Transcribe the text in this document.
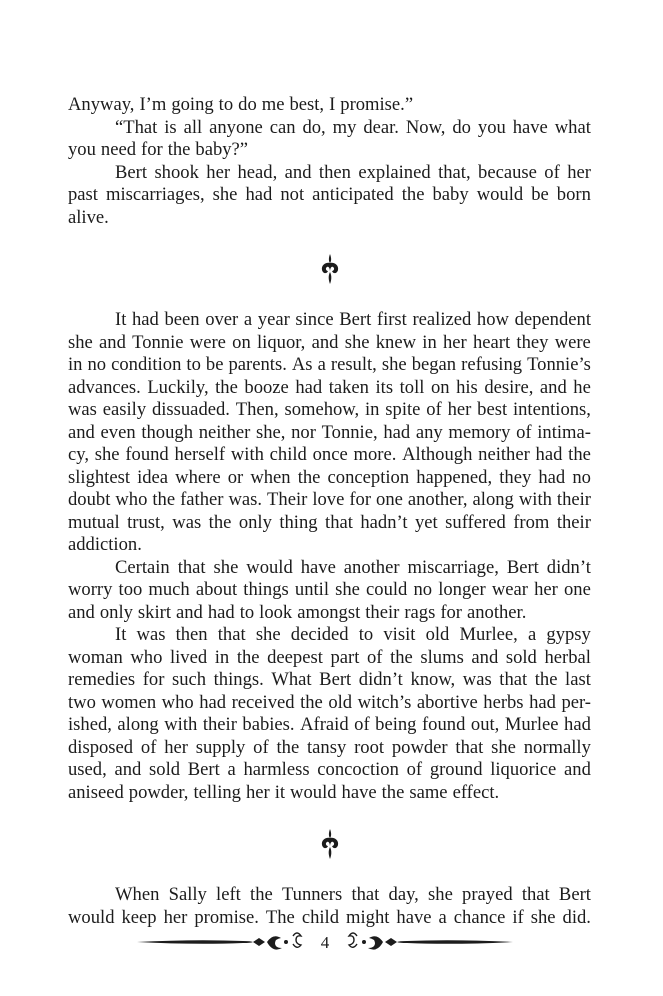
Anyway, I’m going to do me best, I promise.”
“That is all anyone can do, my dear. Now, do you have what
you need for the baby?”
Bert shook her head, and then explained that, because of her
past miscarriages, she had not anticipated the baby would be born
alive.
It had been over a year since Bert first realized how dependent
she and Tonnie were on liquor, and she knew in her heart they were
in no condition to be parents. As a result, she began refusing Tonnie’s
advances. Luckily, the booze had taken its toll on his desire, and he
was easily dissuaded. Then, somehow, in spite of her best intentions,
and even though neither she, nor Tonnie, had any memory of intima-
cy, she found herself with child once more. Although neither had the
slightest idea where or when the conception happened, they had no
doubt who the father was. Their love for one another, along with their
mutual trust, was the only thing that hadn’t yet suffered from their
addiction.
Certain that she would have another miscarriage, Bert didn’t
worry too much about things until she could no longer wear her one
and only skirt and had to look amongst their rags for another.
It was then that she decided to visit old Murlee, a gypsy
woman who lived in the deepest part of the slums and sold herbal
remedies for such things. What Bert didn’t know, was that the last
two women who had received the old witch’s abortive herbs had per-
ished, along with their babies. Afraid of being found out, Murlee had
disposed of her supply of the tansy root powder that she normally
used, and sold Bert a harmless concoction of ground liquorice and
aniseed powder, telling her it would have the same effect.
When Sally left the Tunners that day, she prayed that Bert
would keep her promise. The child might have a chance if she did.
4
